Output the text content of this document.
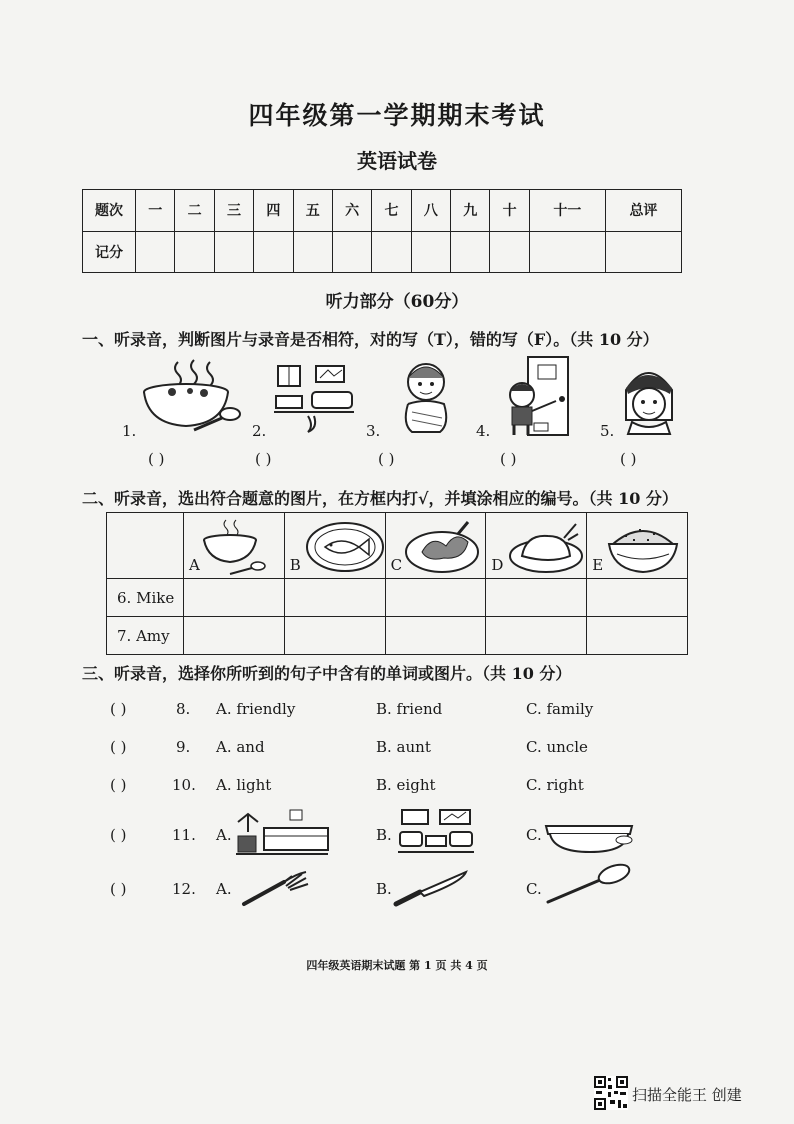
四年级第一学期期末考试
英语试卷
题次	一	二	三	四	五	六	七	八	九	十	十一	总评
记分												
听力部分（60分）
一、听录音，判断图片与录音是否相符，对的写（T），错的写（F）。（共 10 分）
1.	2.	3.	4.	5.
( )	( )	( )	( )	( )
二、听录音，选出符合题意的图片，在方框内打√，并填涂相应的编号。（共 10 分）

	A	B	C	D	E

6. Mike					
7. Amy					
三、听录音，选择你所听到的句子中含有的单词或图片。（共 10 分）
( )	8. A. friendly	B. friend	C. family
( )	9. A. and	B. aunt	C. uncle
( )	10. A. light	B. eight	C. right
( )	11. A.	B.	C.
( )	12. A.	B.	C.
四年级英语期末试题 第 1 页 共 4 页
扫描全能王 创建
